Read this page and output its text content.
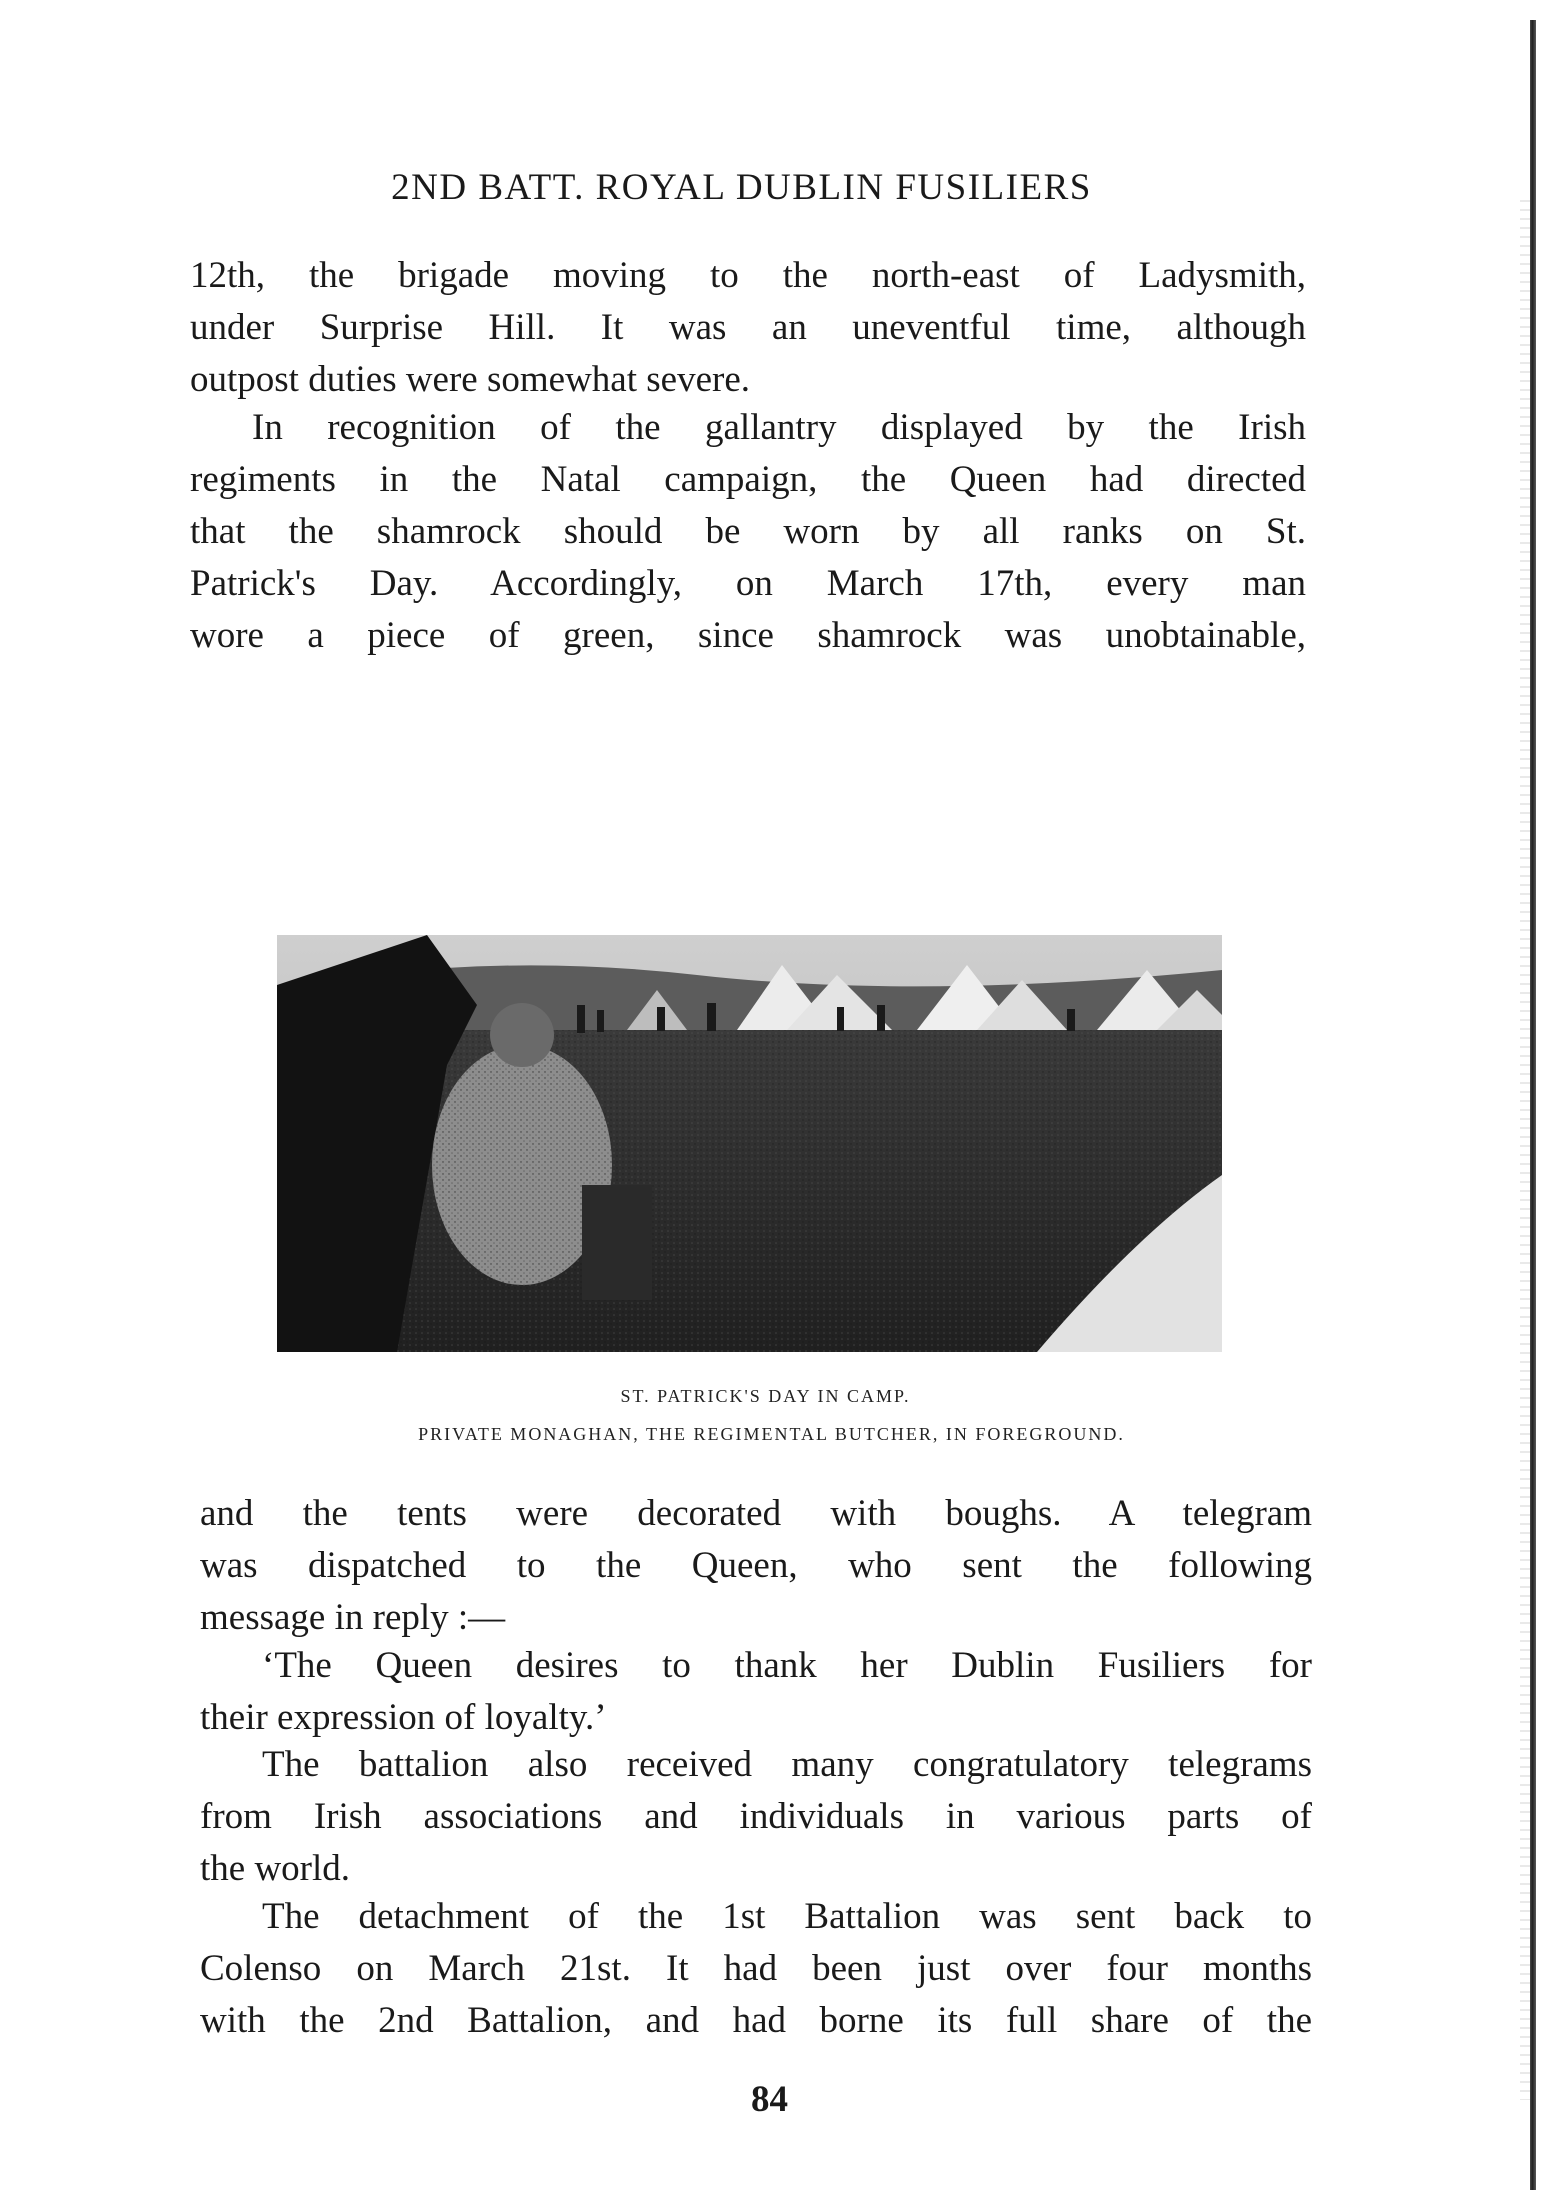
2ND BATT. ROYAL DUBLIN FUSILIERS

12th, the brigade moving to the north-east of Ladysmith,
under Surprise Hill. It was an uneventful time, although
outpost duties were somewhat severe.

In recognition of the gallantry displayed by the Irish
regiments in the Natal campaign, the Queen had directed
that the shamrock should be worn by all ranks on St.
Patrick's Day. Accordingly, on March 17th, every man
wore a piece of green, since shamrock was unobtainable,

ST. PATRICK'S DAY IN CAMP.
PRIVATE MONAGHAN, THE REGIMENTAL BUTCHER, IN FOREGROUND.

and the tents were decorated with boughs. A telegram
was dispatched to the Queen, who sent the following
message in reply :—

‘The Queen desires to thank her Dublin Fusiliers for
their expression of loyalty.’

The battalion also received many congratulatory telegrams
from Irish associations and individuals in various parts of
the world.

The detachment of the 1st Battalion was sent back to
Colenso on March 21st. It had been just over four months
with the 2nd Battalion, and had borne its full share of the

84
